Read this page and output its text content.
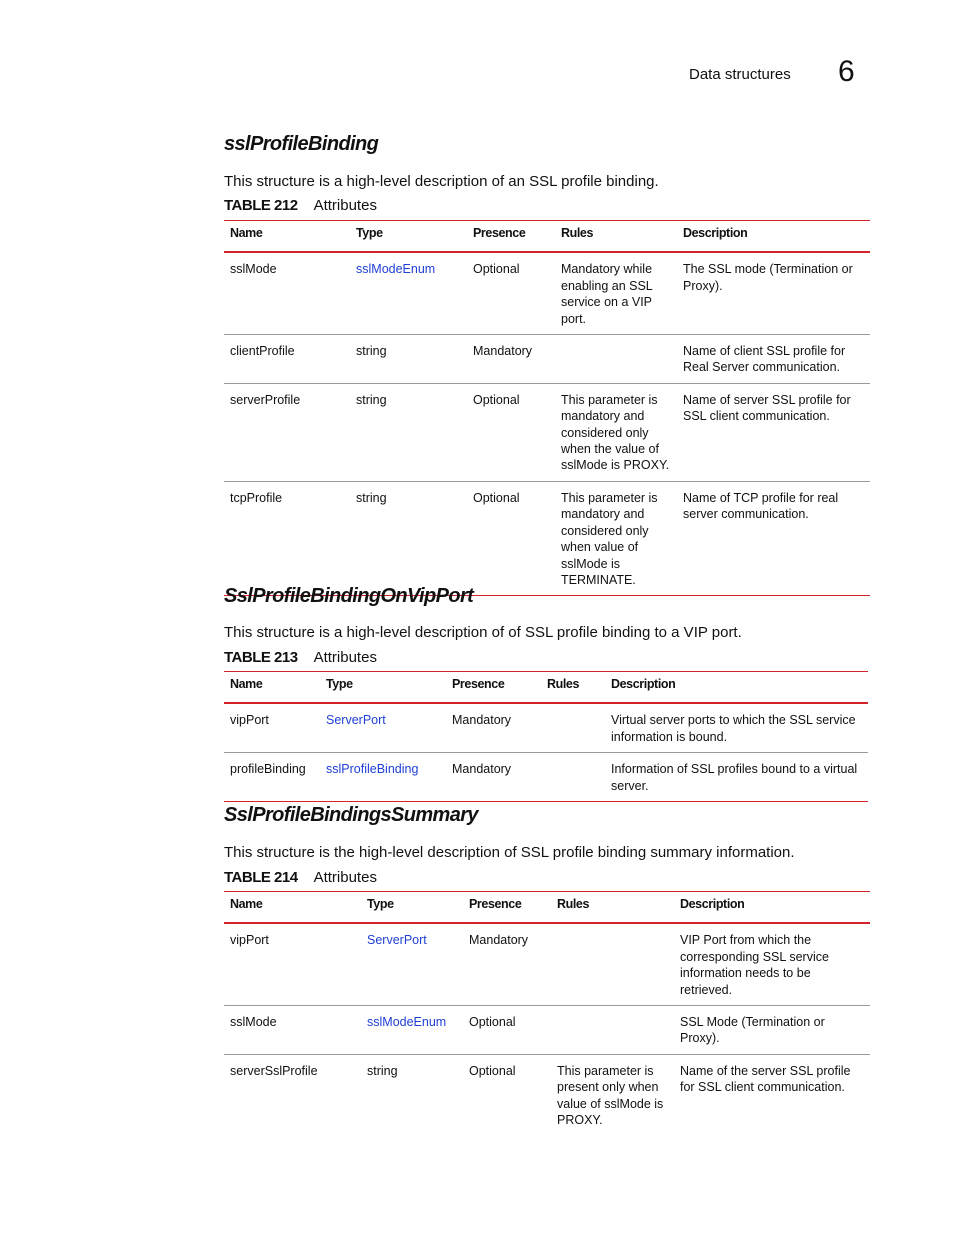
Data structures 6
sslProfileBinding

This structure is a high-level description of an SSL profile binding.

TABLE 212 Attributes
Name	Type	Presence	Rules	Description
sslMode	sslModeEnum	Optional	Mandatory while enabling an SSL service on a VIP port.	The SSL mode (Termination or Proxy).
clientProfile	string	Mandatory		Name of client SSL profile for Real Server communication.
serverProfile	string	Optional	This parameter is mandatory and considered only when the value of sslMode is PROXY.	Name of server SSL profile for SSL client communication.
tcpProfile	string	Optional	This parameter is mandatory and considered only when value of sslMode is TERMINATE.	Name of TCP profile for real server communication.
SslProfileBindingOnVipPort

This structure is a high-level description of of SSL profile binding to a VIP port.

TABLE 213 Attributes
Name	Type	Presence	Rules	Description
vipPort	ServerPort	Mandatory		Virtual server ports to which the SSL service information is bound.
profileBinding	sslProfileBinding	Mandatory		Information of SSL profiles bound to a virtual server.
SslProfileBindingsSummary

This structure is the high-level description of SSL profile binding summary information.

TABLE 214 Attributes
Name	Type	Presence	Rules	Description
vipPort	ServerPort	Mandatory		VIP Port from which the corresponding SSL service information needs to be retrieved.
sslMode	sslModeEnum	Optional		SSL Mode (Termination or Proxy).
serverSslProfile	string	Optional	This parameter is present only when value of sslMode is PROXY.	Name of the server SSL profile for SSL client communication.
